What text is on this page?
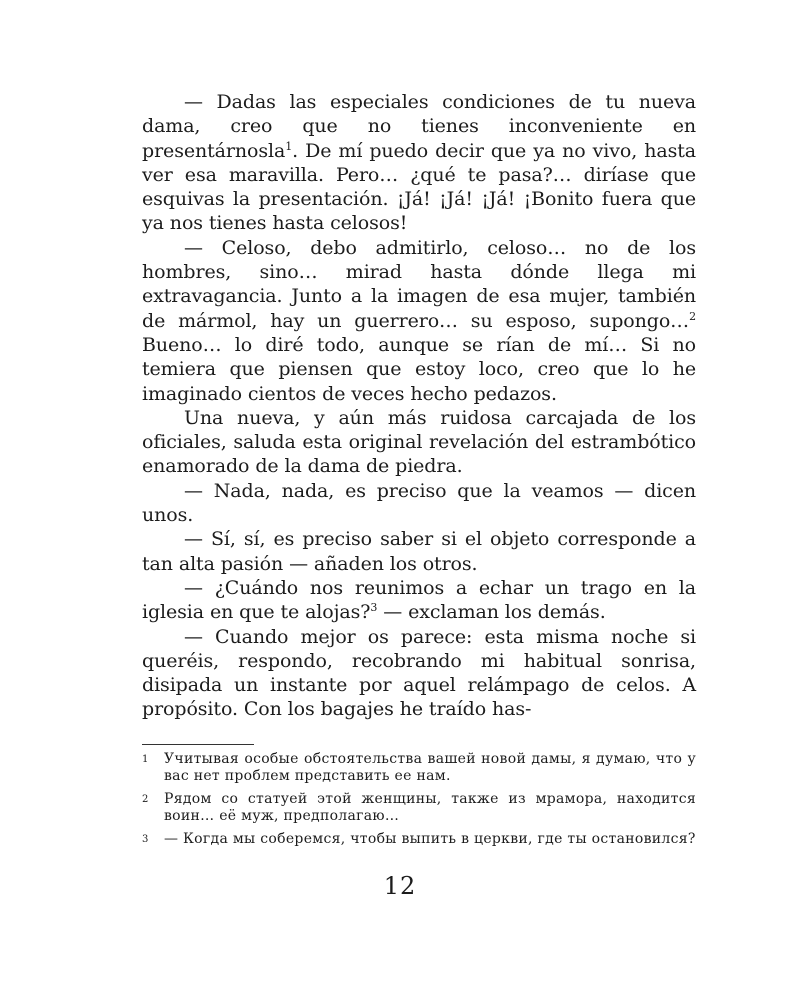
— Dadas las especiales condiciones de tu nueva dama, creo que no tienes inconveniente en presentárnosla$^1$. De mí puedo decir que ya no vivo, hasta ver esa maravilla. Pero… ¿qué te pasa?… diríase que esquivas la presentación. ¡Já! ¡Já! ¡Já! ¡Bonito fuera que ya nos tienes hasta celosos!

— Celoso, debo admitirlo, celoso… no de los hombres, sino… mirad hasta dónde llega mi extravagancia. Junto a la imagen de esa mujer, también de mármol, hay un guerrero… su esposo, supongo…$^2$ Bueno… lo diré todo, aunque se rían de mí… Si no temiera que piensen que estoy loco, creo que lo he imaginado cientos de veces hecho pedazos.

Una nueva, y aún más ruidosa carcajada de los oficiales, saluda esta original revelación del estrambótico enamorado de la dama de piedra.

— Nada, nada, es preciso que la veamos — dicen unos.

— Sí, sí, es preciso saber si el objeto corresponde a tan alta pasión — añaden los otros.

— ¿Cuándo nos reunimos a echar un trago en la iglesia en que te alojas?$^3$ — exclaman los demás.

— Cuando mejor os parece: esta misma noche si queréis, respondo, recobrando mi habitual sonrisa, disipada un instante por aquel relámpago de celos. A propósito. Con los bagajes he traído has-

1	Учитывая особые обстоятельства вашей новой дамы, я думаю, что у вас нет проблем представить ее нам.
2	Рядом со статуей этой женщины, также из мрамора, находится воин… её муж, предполагаю…
3	— Когда мы соберемся, чтобы выпить в церкви, где ты остановился?
12
